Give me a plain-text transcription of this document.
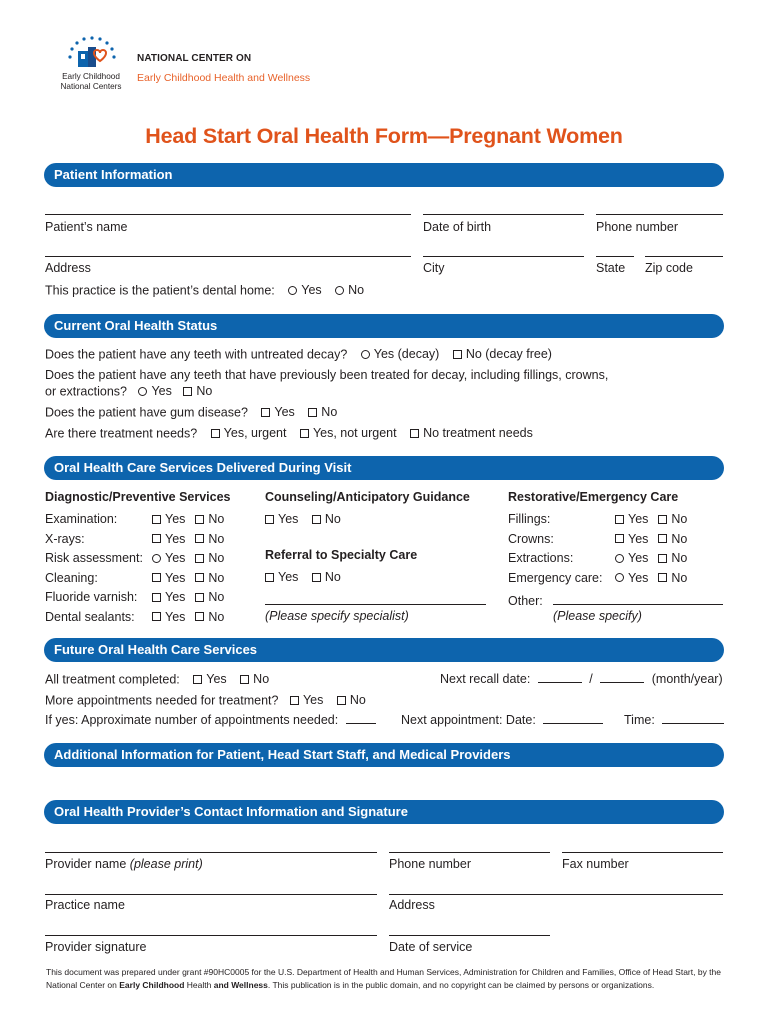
Early Childhood
National Centers
NATIONAL CENTER ON
Early Childhood Health and Wellness
Head Start Oral Health Form—Pregnant Women
Patient Information
Patient’s name	Date of birth	Phone number
Address	City	State Zip code
This practice is the patient’s dental home: Yes
No
Current Oral Health Status
Does the patient have any teeth with untreated decay? Yes (decay)
No (decay free)
Does the patient have any teeth that have previously been treated for decay, including fillings, crowns,
or extractions? Yes
No
Does the patient have gum disease? Yes
No
Are there treatment needs? Yes, urgent
Yes, not urgent
No treatment needs
Oral Health Care Services Delivered During Visit
Diagnostic/Preventive Services
Examination:	Yes No
X-rays:	Yes No
Risk assessment: Yes No
Cleaning:	Yes No
Fluoride varnish: Yes No
Dental sealants: Yes No
Counseling/Anticipatory Guidance
Yes
No
Referral to Specialty Care
Yes
No
(Please specify specialist)
Restorative/Emergency Care
Fillings:	Yes No
Crowns:	Yes No
Extractions:	Yes No
Emergency care: Yes No
Other:
(Please specify)
Future Oral Health Care Services
All treatment completed: Yes
No	Next recall date:	/	(month/year)
More appointments needed for treatment? Yes
No
If yes: Approximate number of appointments needed:	Next appointment: Date:	Time:
Additional Information for Patient, Head Start Staff, and Medical Providers
Oral Health Provider’s Contact Information and Signature
Provider name (please print)	Phone number	Fax number
Practice name	Address
Provider signature	Date of service
This document was prepared under grant #90HC0005 for the U.S. Department of Health and Human Services, Administration for Children and Families, Office of Head Start, by the National Center on Early Childhood Health and Wellness. This publication is in the public domain, and no copyright can be claimed by persons or organizations.
